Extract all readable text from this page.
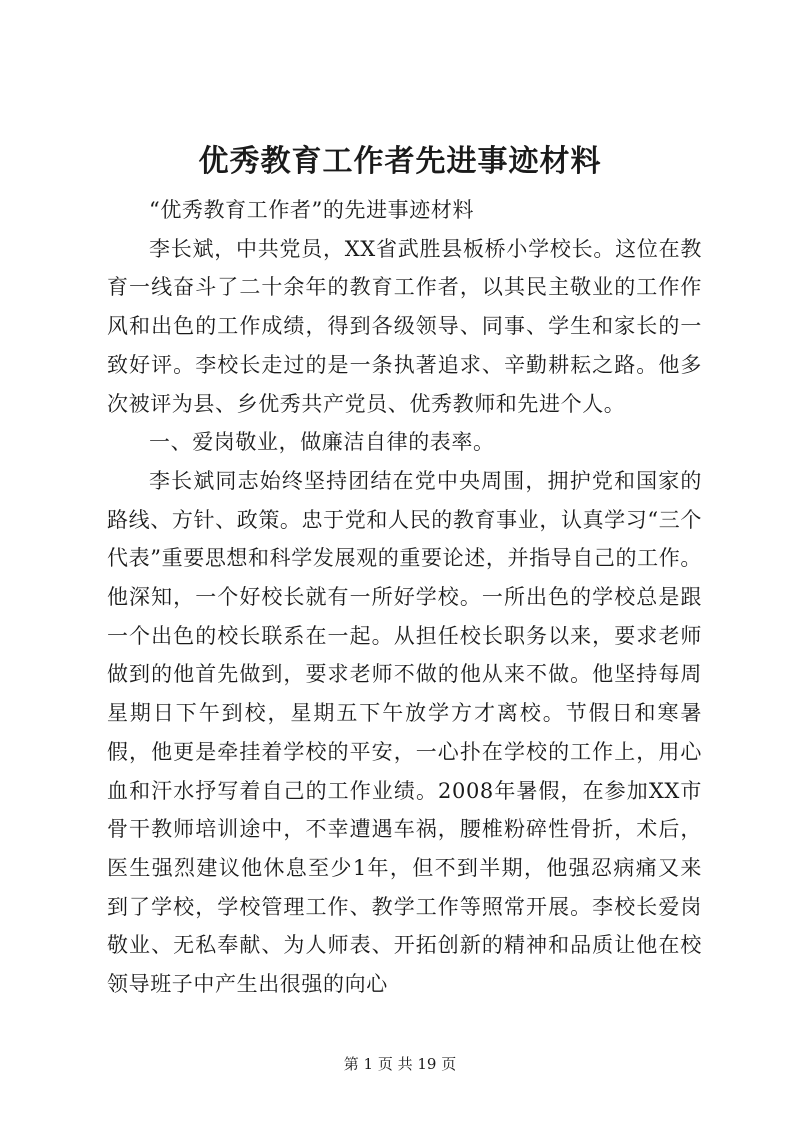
优秀教育工作者先进事迹材料

“优秀教育工作者”的先进事迹材料

李长斌，中共党员，XX省武胜县板桥小学校长。这位在教育一线奋斗了二十余年的教育工作者，以其民主敬业的工作作风和出色的工作成绩，得到各级领导、同事、学生和家长的一致好评。李校长走过的是一条执著追求、辛勤耕耘之路。他多次被评为县、乡优秀共产党员、优秀教师和先进个人。

一、爱岗敬业，做廉洁自律的表率。

李长斌同志始终坚持团结在党中央周围，拥护党和国家的路线、方针、政策。忠于党和人民的教育事业，认真学习“三个代表”重要思想和科学发展观的重要论述，并指导自己的工作。他深知，一个好校长就有一所好学校。一所出色的学校总是跟一个出色的校长联系在一起。从担任校长职务以来，要求老师做到的他首先做到，要求老师不做的他从来不做。他坚持每周星期日下午到校，星期五下午放学方才离校。节假日和寒暑假，他更是牵挂着学校的平安，一心扑在学校的工作上，用心血和汗水抒写着自己的工作业绩。2008年暑假，在参加XX市骨干教师培训途中，不幸遭遇车祸，腰椎粉碎性骨折，术后，医生强烈建议他休息至少1年，但不到半期，他强忍病痛又来到了学校，学校管理工作、教学工作等照常开展。李校长爱岗敬业、无私奉献、为人师表、开拓创新的精神和品质让他在校领导班子中产生出很强的向心

第 1 页 共 19 页
